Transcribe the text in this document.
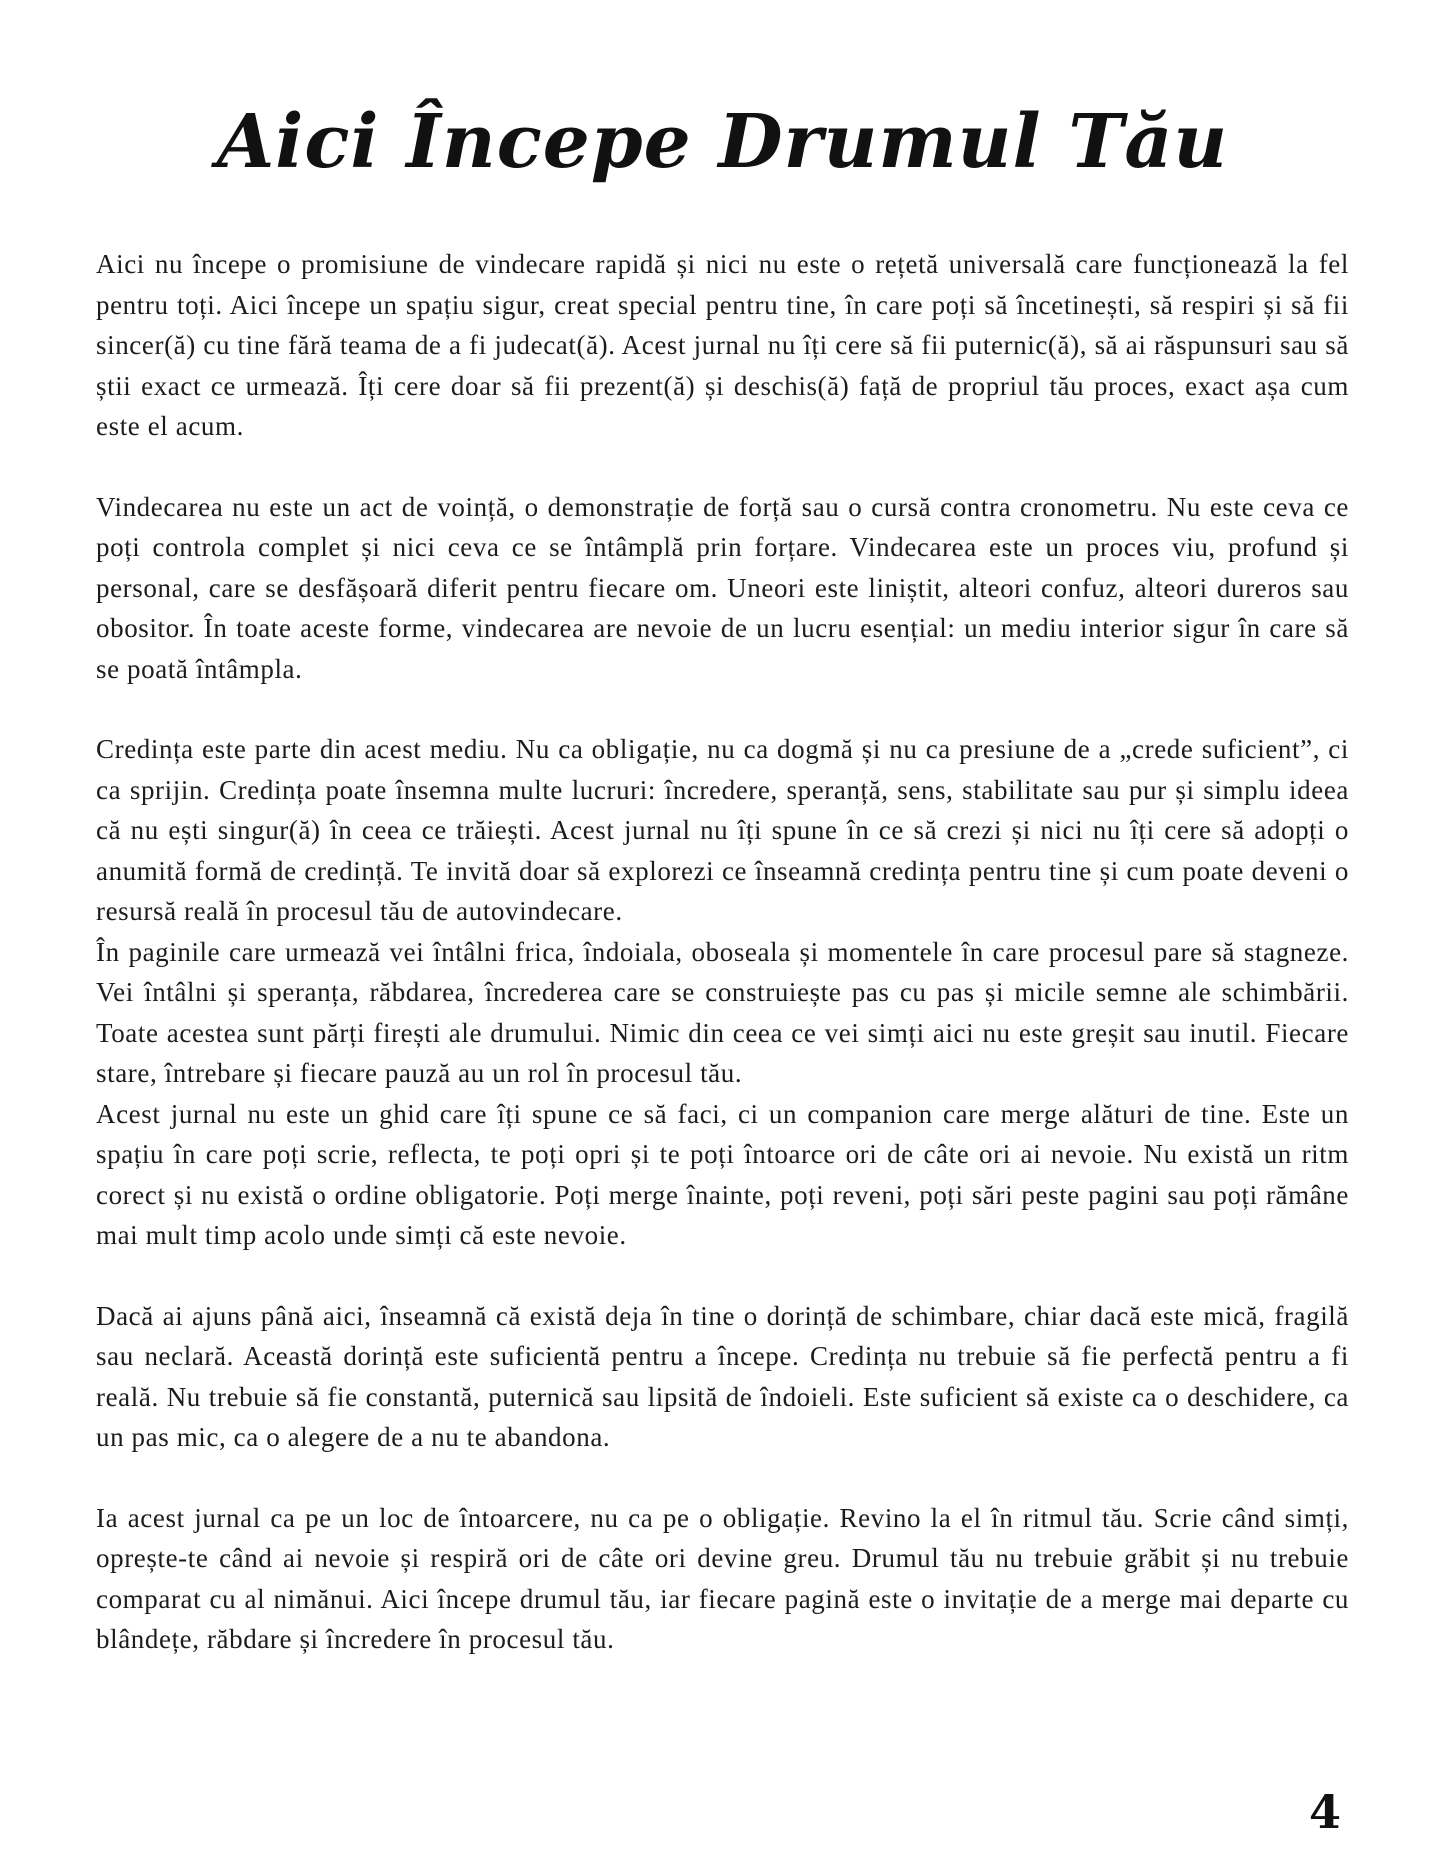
Aici Începe Drumul Tău

Aici nu începe o promisiune de vindecare rapidă și nici nu este o rețetă universală care funcționează la fel pentru toți. Aici începe un spațiu sigur, creat special pentru tine, în care poți să încetinești, să respiri și să fii sincer(ă) cu tine fără teama de a fi judecat(ă). Acest jurnal nu îți cere să fii puternic(ă), să ai răspunsuri sau să știi exact ce urmează. Îți cere doar să fii prezent(ă) și deschis(ă) față de propriul tău proces, exact așa cum este el acum.

Vindecarea nu este un act de voință, o demonstrație de forță sau o cursă contra cronometru. Nu este ceva ce poți controla complet și nici ceva ce se întâmplă prin forțare. Vindecarea este un proces viu, profund și personal, care se desfășoară diferit pentru fiecare om. Uneori este liniștit, alteori confuz, alteori dureros sau obositor. În toate aceste forme, vindecarea are nevoie de un lucru esențial: un mediu interior sigur în care să se poată întâmpla.

Credința este parte din acest mediu. Nu ca obligație, nu ca dogmă și nu ca presiune de a „crede suficient”, ci ca sprijin. Credința poate însemna multe lucruri: încredere, speranță, sens, stabilitate sau pur și simplu ideea că nu ești singur(ă) în ceea ce trăiești. Acest jurnal nu îți spune în ce să crezi și nici nu îți cere să adopți o anumită formă de credință. Te invită doar să explorezi ce înseamnă credința pentru tine și cum poate deveni o resursă reală în procesul tău de autovindecare.

În paginile care urmează vei întâlni frica, îndoiala, oboseala și momentele în care procesul pare să stagneze. Vei întâlni și speranța, răbdarea, încrederea care se construiește pas cu pas și micile semne ale schimbării. Toate acestea sunt părți firești ale drumului. Nimic din ceea ce vei simți aici nu este greșit sau inutil. Fiecare stare, întrebare și fiecare pauză au un rol în procesul tău.

Acest jurnal nu este un ghid care îți spune ce să faci, ci un companion care merge alături de tine. Este un spațiu în care poți scrie, reflecta, te poți opri și te poți întoarce ori de câte ori ai nevoie. Nu există un ritm corect și nu există o ordine obligatorie. Poți merge înainte, poți reveni, poți sări peste pagini sau poți rămâne mai mult timp acolo unde simți că este nevoie.

Dacă ai ajuns până aici, înseamnă că există deja în tine o dorință de schimbare, chiar dacă este mică, fragilă sau neclară. Această dorință este suficientă pentru a începe. Credința nu trebuie să fie perfectă pentru a fi reală. Nu trebuie să fie constantă, puternică sau lipsită de îndoieli. Este suficient să existe ca o deschidere, ca un pas mic, ca o alegere de a nu te abandona.

Ia acest jurnal ca pe un loc de întoarcere, nu ca pe o obligație. Revino la el în ritmul tău. Scrie când simți, oprește-te când ai nevoie și respiră ori de câte ori devine greu. Drumul tău nu trebuie grăbit și nu trebuie comparat cu al nimănui. Aici începe drumul tău, iar fiecare pagină este o invitație de a merge mai departe cu blândețe, răbdare și încredere în procesul tău.

4
